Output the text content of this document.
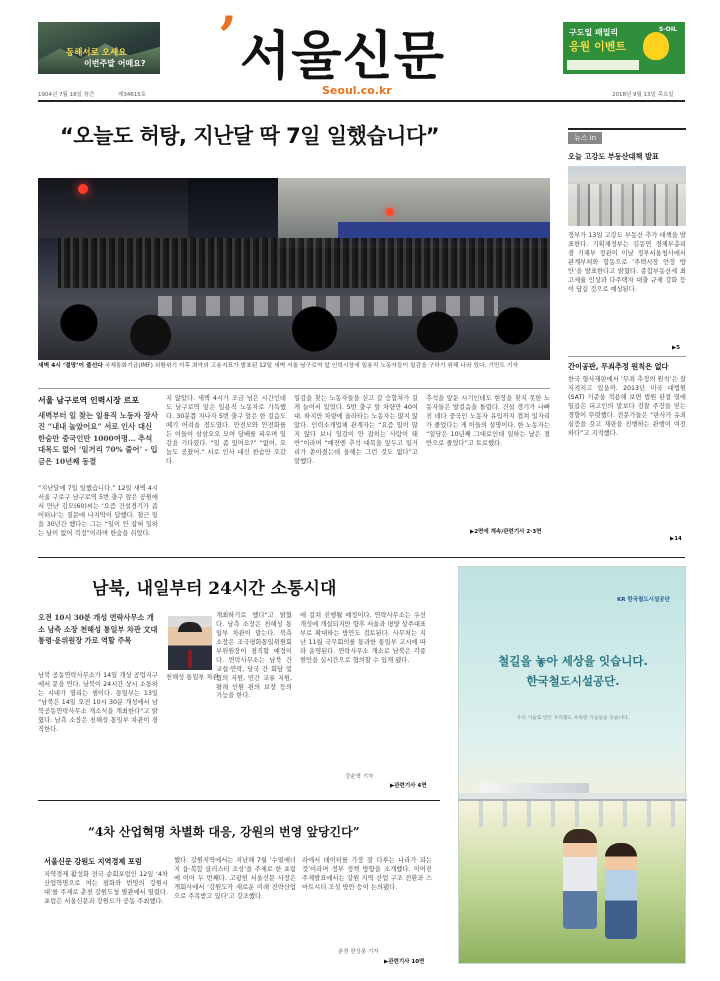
동해서로 오세요
이번주말 어때요? ’ 서울신문
Seoul.co.kr
구도일 패밀리
응원 이벤트
S-OIL
1904년 7월 18일 창간	제34615호	2018년 9월 13일 목요일
“오늘도 허탕, 지난달 딱 7일 일했습니다”
새벽 4시 ‘절망’이 줄선다 국제통화기금(IMF) 외환위기 이후 최악의 고용지표가 발표된 12일 새벽 서울 남구로역 앞 인력시장에 일용직 노동자들이 일감을 구하기 위해 나와 있다. 기민도 기자
서울 남구로역 인력시장 르포
새벽부터 일 찾는 일용직 노동자 장사진 “내내 놀았어요” 서로 인사 대신 한숨만 중국인만 1000여명… 추석 대목도 없어 ‘일거리 70% 줄어’ - 입금은 10년째 동결
“지난달에 7일 일했습니다.” 12일 새벽 4시 서울 구로구 남구로역 5번 출구 앞은 공원에서 만난 김모(60)씨는 ‘요즘 건설경기가 좀 어떠냐’는 질문에 나지막이 답했다. 철근 일을 30년간 했다는 그는 “일이 안 잡혀 일하는 날이 없어 걱정”이라며 한숨을 쉬었다.
지 않았다. 새벽 4시가 조금 넘은 시간인데도 남구로역 앞은 일용직 노동자로 가득했다. 30분쯤 지나자 5번 출구 앞은 한 걸음도 떼기 어려울 정도였다. 안전모와 안전화를 든 이들이 삼삼오오 모여 담배를 피우며 일감을 기다렸다. “일 좀 있어요?” “없어, 오늘도 공쳤어.” 서로 인사 대신 한숨만 오갔다.
일감을 찾는 노동자들을 싣고 갈 승합차가 길게 늘어서 있었다. 5번 출구 앞 차량만 40여 대. 하지만 차량에 올라타는 노동자는 많지 않았다. 인력소개업체 관계자는 “요즘 일이 많지 않다 보니 일감이 안 잡히는 사람이 태반”이라며 “예전엔 추석 대목을 앞두고 일거리가 쏟아졌는데 올해는 그런 것도 없다”고 말했다.
추석을 앞둔 시기인데도 현장을 찾지 못한 노동자들은 발걸음을 돌렸다. 건설 경기가 나빠진 데다 중국인 노동자 유입까지 겹쳐 일자리가 줄었다는 게 이들의 설명이다. 한 노동자는 “일당은 10년째 그대로인데 일하는 날은 절반으로 줄었다”고 토로했다.
▶2면에 계속/관련기사 2·3면
뉴스 in
오늘 고강도 부동산대책 발표
정부가 13일 고강도 부동산 추가 대책을 발표한다. 기획재정부는 김동연 경제부총리 겸 기재부 장관이 이날 정부서울청사에서 관계부처와 합동으로 ‘주택시장 안정 방안’을 발표한다고 밝혔다. 종합부동산세 최고세율 인상과 다주택자 대출 규제 강화 등이 담길 것으로 예상된다.
▶5
간이공판, 무죄추정 원칙은 없다
한국 형사재판에서 ‘무죄 추정의 원칙’은 잘 지켜지고 있을까. 2013년 미국 대법원(SAT) 기준을 적용해 보면 법원 판결 열에 일곱은 피고인의 말보다 검찰 주장을 믿는 경향이 뚜렷했다. 전문가들은 “판사가 유죄 심증을 갖고 재판을 진행하는 관행이 여전하다”고 지적했다.
▶14
남북, 내일부터 24시간 소통시대
오전 10시 30분 개성 연락사무소 개소 남측 소장 천해성 통일부 차관 文대통령·윤위원장 가로 역할 주목
남북 공동연락사무소가 14일 개성 공업지구에서 문을 연다. 남북이 24시간 상시 소통하는 시대가 열리는 셈이다. 통일부는 13일 “남북은 14일 오전 10시 30분 개성에서 남북공동연락사무소 개소식을 개최한다”고 밝혔다. 남측 소장은 천해성 통일부 차관이 겸직한다.
개최하기로 했다”고 밝혔다. 남측 소장은 천해성 통일부 차관이 맡는다. 북측 소장은 조국평화통일위원회 부위원장이 겸직할 예정이다. 연락사무소는 남북 간 교섭·연락, 당국 간 회담 및 협의 지원, 민간 교류 지원, 왕래 인원 편의 보장 등의 기능을 한다.
천해성 통일부 차관
에 걸쳐 진행될 예정이다. 연락사무소는 우선 개성에 개설되지만 향후 서울과 평양 상주대표부로 확대하는 방안도 검토된다. 사무처는 지난 11월 국무회의를 통과한 통일부 고시에 따라 운영된다. 연락사무소 개소로 남북은 각종 현안을 실시간으로 협의할 수 있게 됐다.
강윤혁 기자
▶관련기사 4면
“4차 산업혁명 차별화 대응, 강원의 번영 앞당긴다”
서울신문 강원도 지역경제 포럼
지역경제 활성화 전국 순회포럼인 12일 ‘4차 산업혁명으로 여는 평화와 번영의 강원시대’를 주제로 춘천 강원도청 별관에서 열렸다. 포럼은 서울신문과 강원도가 공동 주최했다.
했다. 강원지역에서는 지난해 7월 ‘수열에너지 융·복합 클러스터 조성’을 주제로 한 포럼에 이어 두 번째다. 고광헌 서울신문 사장은 개회사에서 ‘강원도가 새로운 미래 전략산업으로 주목받고 있다’고 강조했다.
라에서 데이터를 가장 잘 다루는 나라가 되는 것’이라며 정부 정책 방향을 소개했다. 이어진 주제발표에서는 강원 지역 산업 구조 전환과 스마트시티 조성 방안 등이 논의됐다.
춘천 한상봉 기자
▶관련기사 10면
KR 한국철도시설공단
철길을 놓아 세상을 잇습니다.
한국철도시설공단.
우리 기술로 만든 우리철도 우뚝한 기술들을 잇습니다.
